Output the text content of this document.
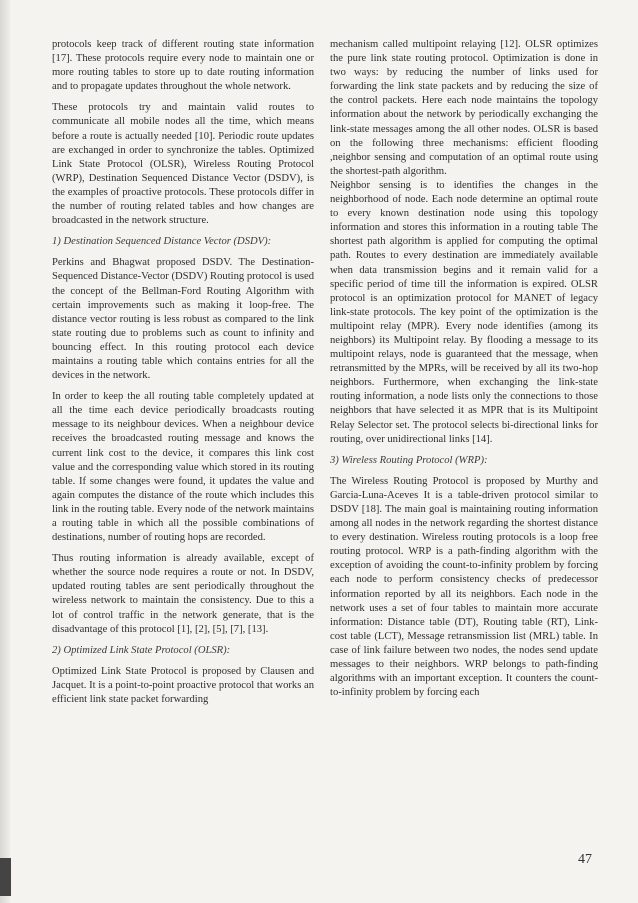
protocols keep track of different routing state information [17]. These protocols require every node to maintain one or more routing tables to store up to date routing information and to propagate updates throughout the whole network.

These protocols try and maintain valid routes to communicate all mobile nodes all the time, which means before a route is actually needed [10]. Periodic route updates are exchanged in order to synchronize the tables. Optimized Link State Protocol (OLSR), Wireless Routing Protocol (WRP), Destination Sequenced Distance Vector (DSDV), is the examples of proactive protocols. These protocols differ in the number of routing related tables and how changes are broadcasted in the network structure.

1) Destination Sequenced Distance Vector (DSDV):

Perkins and Bhagwat proposed DSDV. The Destination-Sequenced Distance-Vector (DSDV) Routing protocol is used the concept of the Bellman-Ford Routing Algorithm with certain improvements such as making it loop-free. The distance vector routing is less robust as compared to the link state routing due to problems such as count to infinity and bouncing effect. In this routing protocol each device maintains a routing table which contains entries for all the devices in the network.

In order to keep the all routing table completely updated at all the time each device periodically broadcasts routing message to its neighbour devices. When a neighbour device receives the broadcasted routing message and knows the current link cost to the device, it compares this link cost value and the corresponding value which stored in its routing table. If some changes were found, it updates the value and again computes the distance of the route which includes this link in the routing table. Every node of the network maintains a routing table in which all the possible combinations of destinations, number of routing hops are recorded.

Thus routing information is already available, except of whether the source node requires a route or not. In DSDV, updated routing tables are sent periodically throughout the wireless network to maintain the consistency. Due to this a lot of control traffic in the network generate, that is the disadvantage of this protocol [1], [2], [5], [7], [13].

2) Optimized Link State Protocol (OLSR):

Optimized Link State Protocol is proposed by Clausen and Jacquet. It is a point-to-point proactive protocol that works an efficient link state packet forwarding

mechanism called multipoint relaying [12]. OLSR optimizes the pure link state routing protocol. Optimization is done in two ways: by reducing the number of links used for forwarding the link state packets and by reducing the size of the control packets. Here each node maintains the topology information about the network by periodically exchanging the link-state messages among the all other nodes. OLSR is based on the following three mechanisms: efficient flooding ,neighbor sensing and computation of an optimal route using the shortest-path algorithm.

Neighbor sensing is to identifies the changes in the neighborhood of node. Each node determine an optimal route to every known destination node using this topology information and stores this information in a routing table The shortest path algorithm is applied for computing the optimal path. Routes to every destination are immediately available when data transmission begins and it remain valid for a specific period of time till the information is expired. OLSR protocol is an optimization protocol for MANET of legacy link-state protocols. The key point of the optimization is the multipoint relay (MPR). Every node identifies (among its neighbors) its Multipoint relay. By flooding a message to its multipoint relays, node is guaranteed that the message, when retransmitted by the MPRs, will be received by all its two-hop neighbors. Furthermore, when exchanging the link-state routing information, a node lists only the connections to those neighbors that have selected it as MPR that is its Multipoint Relay Selector set. The protocol selects bi-directional links for routing, over unidirectional links [14].

3) Wireless Routing Protocol (WRP):

The Wireless Routing Protocol is proposed by Murthy and Garcia-Luna-Aceves It is a table-driven protocol similar to DSDV [18]. The main goal is maintaining routing information among all nodes in the network regarding the shortest distance to every destination. Wireless routing protocols is a loop free routing protocol. WRP is a path-finding algorithm with the exception of avoiding the count-to-infinity problem by forcing each node to perform consistency checks of predecessor information reported by all its neighbors. Each node in the network uses a set of four tables to maintain more accurate information: Distance table (DT), Routing table (RT), Link-cost table (LCT), Message retransmission list (MRL) table. In case of link failure between two nodes, the nodes send update messages to their neighbors. WRP belongs to path-finding algorithms with an important exception. It counters the count-to-infinity problem by forcing each

47
